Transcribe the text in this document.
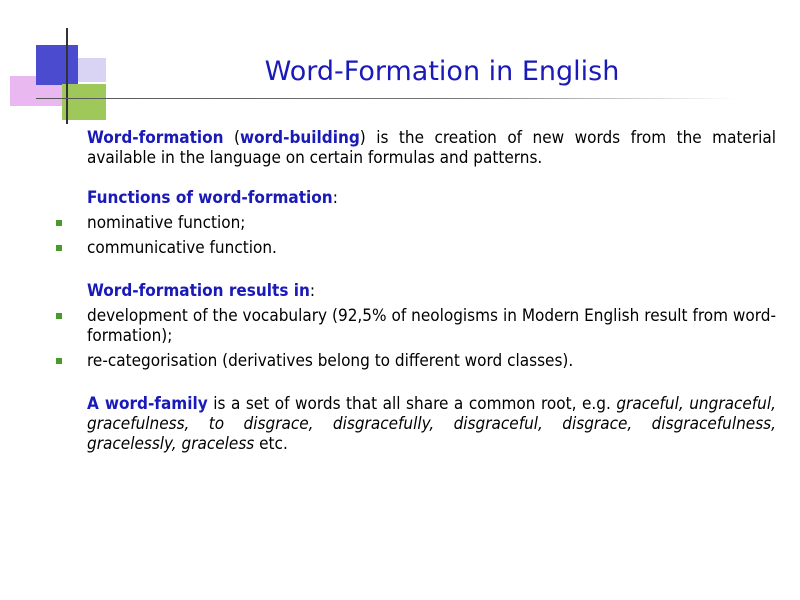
Word-Formation in English

Word-formation (word-building) is the creation of new words from the material available in the language on certain formulas and patterns.

Functions of word-formation:

nominative function;
communicative function.

Word-formation results in:

development of the vocabulary (92,5% of neologisms in Modern English result from word-formation);
re-categorisation (derivatives belong to different word classes).

A word-family is a set of words that all share a common root, e.g. graceful, ungraceful, gracefulness, to disgrace, disgracefully, disgraceful, disgrace, disgracefulness, gracelessly, graceless etc.
